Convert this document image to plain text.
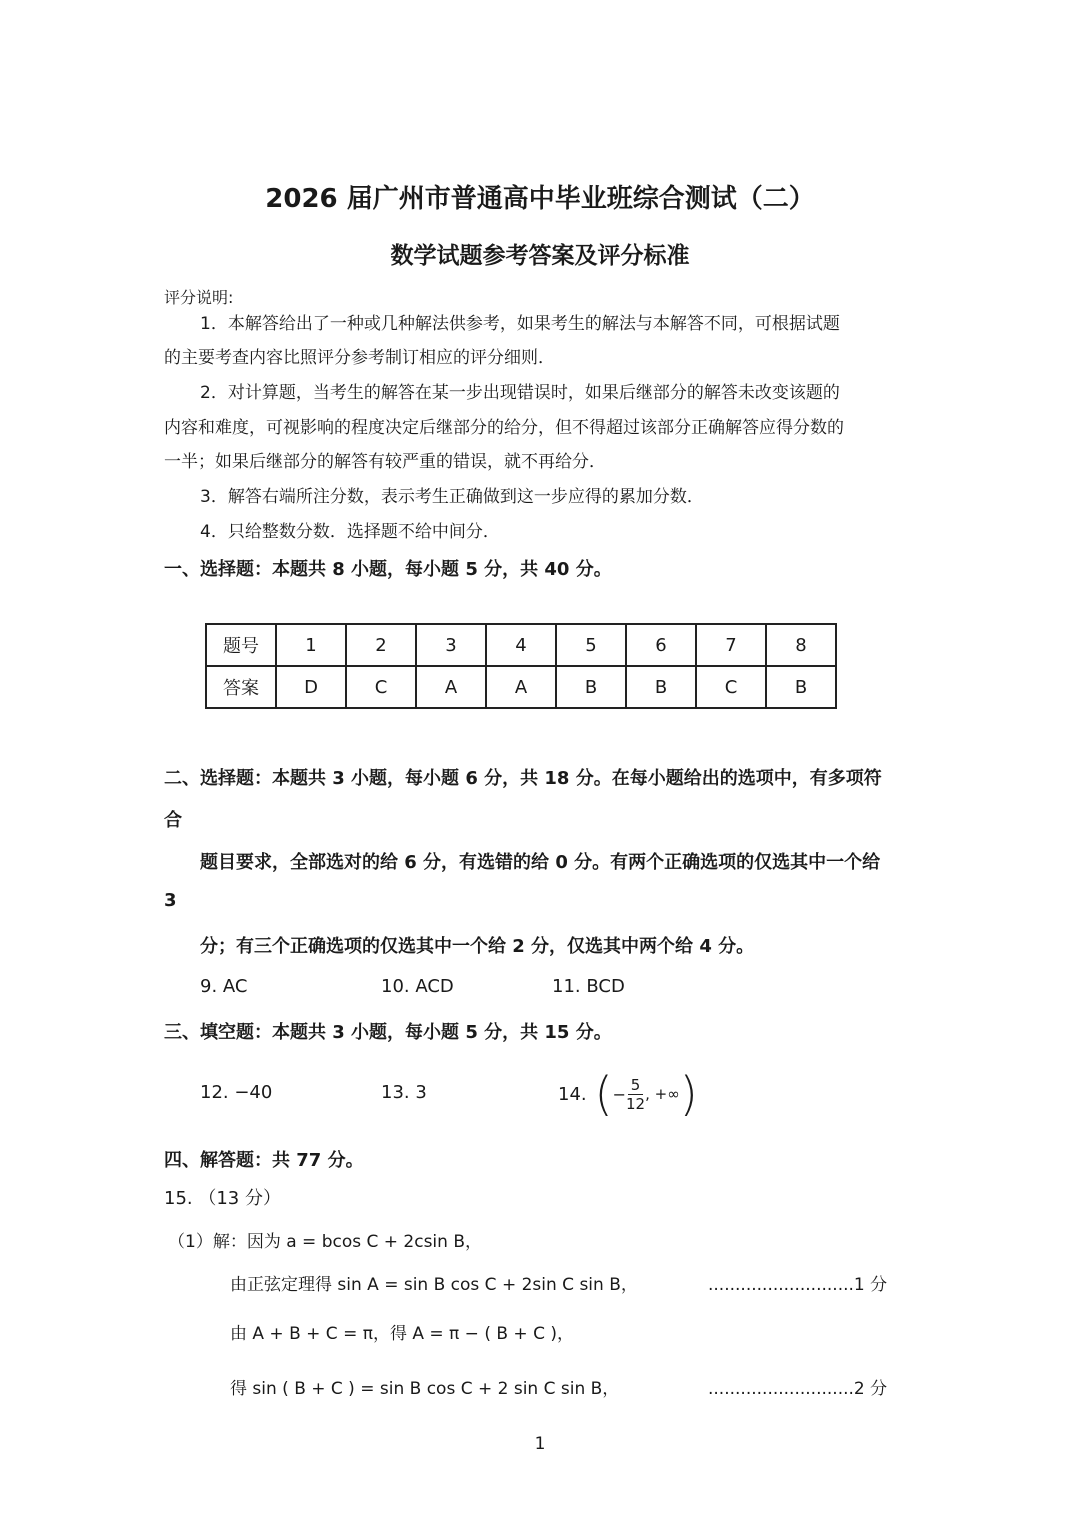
2026 届广州市普通高中毕业班综合测试（二）
数学试题参考答案及评分标准
评分说明:
1．本解答给出了一种或几种解法供参考，如果考生的解法与本解答不同，可根据试题
的主要考查内容比照评分参考制订相应的评分细则．
2．对计算题，当考生的解答在某一步出现错误时，如果后继部分的解答未改变该题的
内容和难度，可视影响的程度决定后继部分的给分，但不得超过该部分正确解答应得分数的
一半；如果后继部分的解答有较严重的错误，就不再给分．
3．解答右端所注分数，表示考生正确做到这一步应得的累加分数．
4．只给整数分数．选择题不给中间分．
一、选择题：本题共 8 小题，每小题 5 分，共 40 分。
题号	1	2	3	4	5	6	7	8
答案	D	C	A	A	B	B	C	B
二、选择题：本题共 3 小题，每小题 6 分，共 18 分。在每小题给出的选项中，有多项符
合
题目要求，全部选对的给 6 分，有选错的给 0 分。有两个正确选项的仅选其中一个给
3
分；有三个正确选项的仅选其中一个给 2 分，仅选其中两个给 4 分。
9. AC	10. ACD	11. BCD
三、填空题：本题共 3 小题，每小题 5 分，共 15 分。
12. −40	13. 3	14. ( − $\frac{5}{12}$ , +∞ )
四、解答题：共 77 分。
15. （13 分）
（1）解：因为 a = bcos C + 2csin B，
由正弦定理得 sin A = sin B cos C + 2sin C sin B，	...........................1 分
由 A + B + C = π，得 A = π − ( B + C )，
得 sin ( B + C ) = sin B cos C + 2 sin C sin B，	...........................2 分
1
